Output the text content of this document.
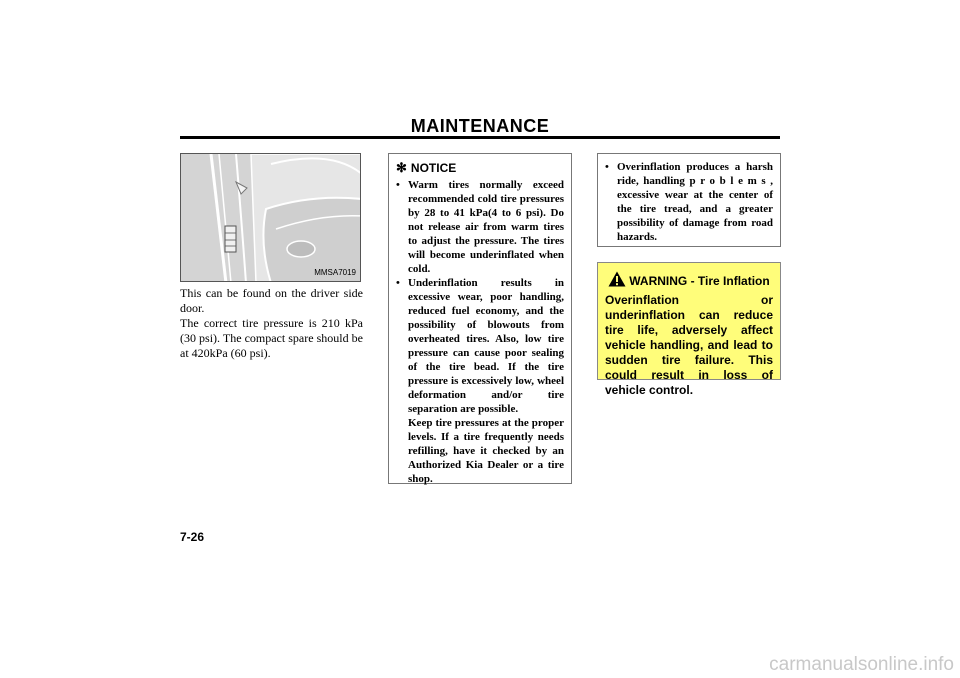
MAINTENANCE
MMSA7019

This can be found on the driver side door.

The correct tire pressure is 210 kPa (30 psi). The compact spare should be at 420kPa (60 psi).

✻ NOTICE
• Warm tires normally exceed recommended cold tire pressures by 28 to 41 kPa(4 to 6 psi). Do not release air from warm tires to adjust the pressure. The tires will become underinflated when cold.

• Underinflation results in excessive wear, poor handling, reduced fuel economy, and the possibility of blowouts from overheated tires. Also, low tire pressure can cause poor sealing of the tire bead. If the tire pressure is excessively low, wheel deformation and/or tire separation are possible.

Keep tire pressures at the proper levels. If a tire frequently needs refilling, have it checked by an Authorized Kia Dealer or a tire shop.

• Overinflation produces a harsh ride, handling p r o b l e m s , excessive wear at the center of the tire tread, and a greater possibility of damage from road hazards.

WARNING - Tire Inflation
Overinflation or underinflation can reduce tire life, adversely affect vehicle handling, and lead to sudden tire failure. This could result in loss of vehicle control.
7-26
carmanualsonline.info
